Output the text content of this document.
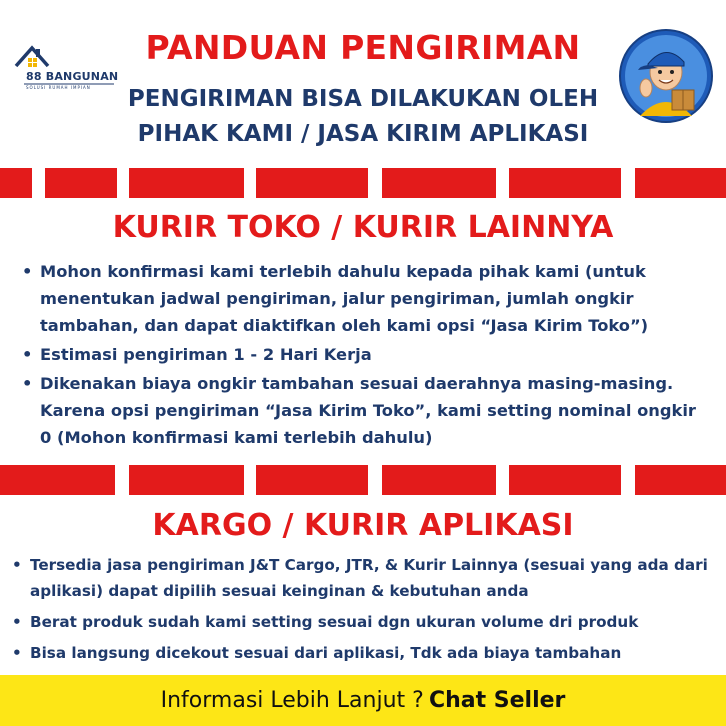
88 BANGUNAN
SOLUSI RUMAH IMPIAN
PANDUAN PENGIRIMAN
PENGIRIMAN BISA DILAKUKAN OLEH
PIHAK KAMI / JASA KIRIM APLIKASI
KURIR TOKO / KURIR LAINNYA
• Mohon konfirmasi kami terlebih dahulu kepada pihak kami (untuk menentukan jadwal pengiriman, jalur pengiriman, jumlah ongkir tambahan, dan dapat diaktifkan oleh kami opsi “Jasa Kirim Toko”)
• Estimasi pengiriman 1 - 2 Hari Kerja
• Dikenakan biaya ongkir tambahan sesuai daerahnya masing-masing. Karena opsi pengiriman “Jasa Kirim Toko”, kami setting nominal ongkir 0 (Mohon konfirmasi kami terlebih dahulu)
KARGO / KURIR APLIKASI
• Tersedia jasa pengiriman J&T Cargo, JTR, & Kurir Lainnya (sesuai yang ada dari aplikasi) dapat dipilih sesuai keinginan & kebutuhan anda
• Berat produk sudah kami setting sesuai dgn ukuran volume dri produk
• Bisa langsung dicekout sesuai dari aplikasi, Tdk ada biaya tambahan
Informasi Lebih Lanjut ? Chat Seller
